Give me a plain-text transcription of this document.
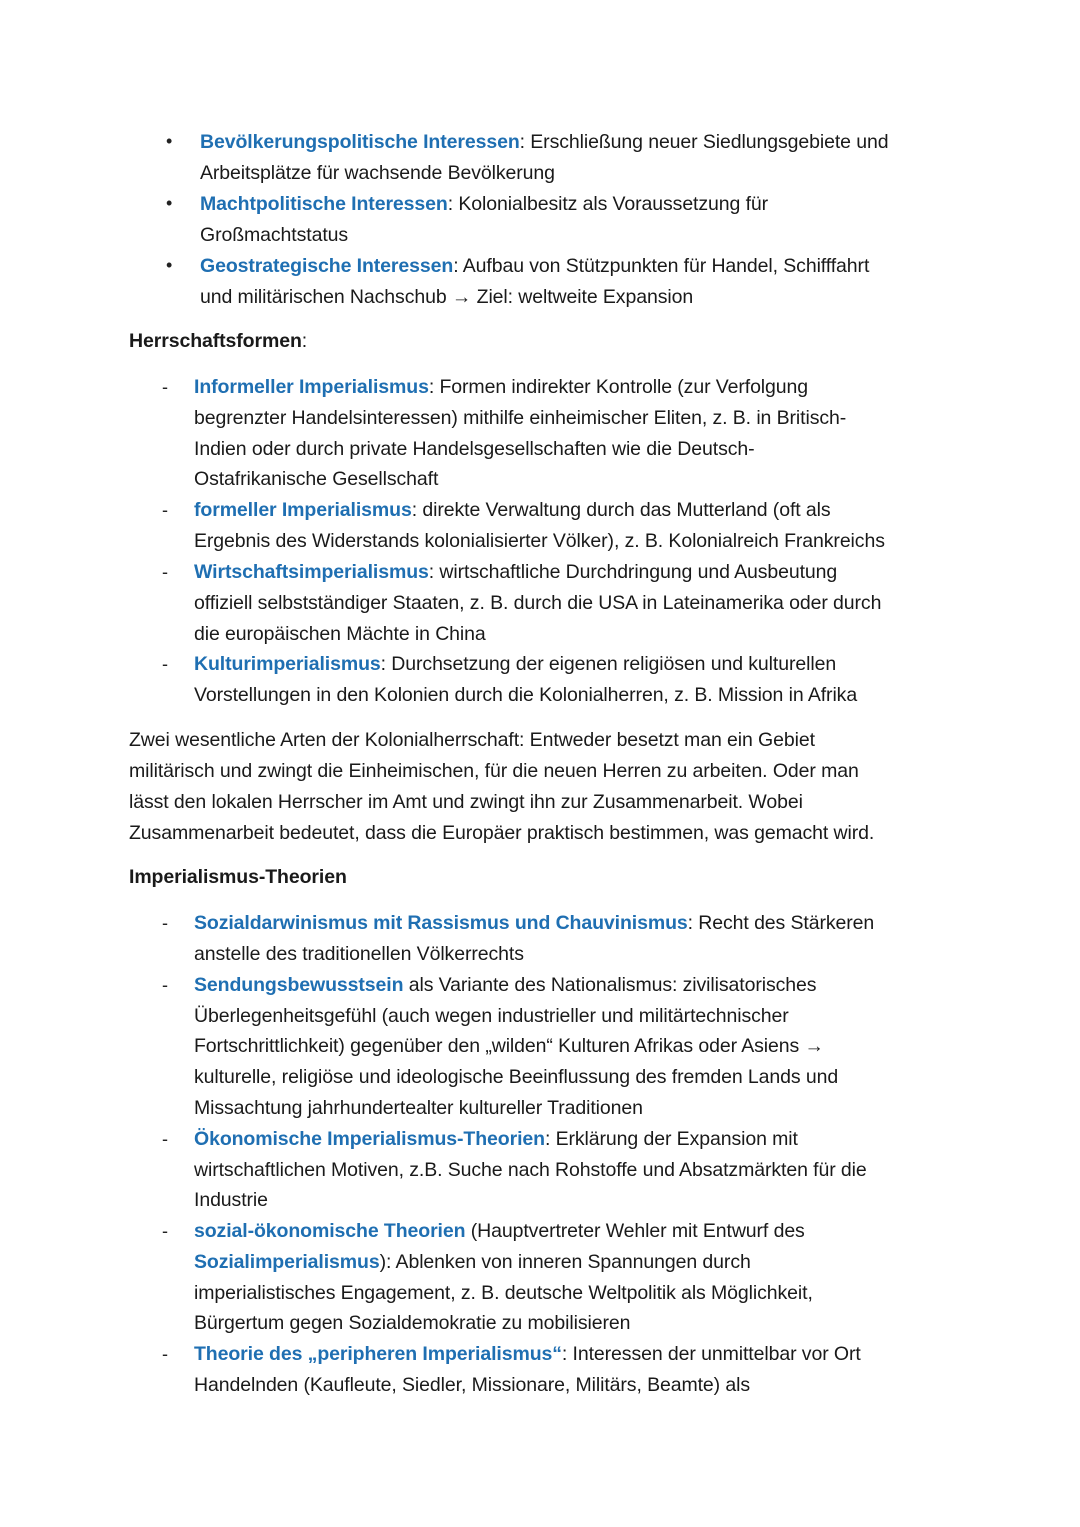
• Bevölkerungspolitische Interessen: Erschließung neuer Siedlungsgebiete und
Arbeitsplätze für wachsende Bevölkerung
• Machtpolitische Interessen: Kolonialbesitz als Voraussetzung für
Großmachtstatus
• Geostrategische Interessen: Aufbau von Stützpunkten für Handel, Schifffahrt
und militärischen Nachschub → Ziel: weltweite Expansion
Herrschaftsformen:
- Informeller Imperialismus: Formen indirekter Kontrolle (zur Verfolgung
begrenzter Handelsinteressen) mithilfe einheimischer Eliten, z. B. in Britisch-
Indien oder durch private Handelsgesellschaften wie die Deutsch-
Ostafrikanische Gesellschaft
- formeller Imperialismus: direkte Verwaltung durch das Mutterland (oft als
Ergebnis des Widerstands kolonialisierter Völker), z. B. Kolonialreich Frankreichs
- Wirtschaftsimperialismus: wirtschaftliche Durchdringung und Ausbeutung
offiziell selbstständiger Staaten, z. B. durch die USA in Lateinamerika oder durch
die europäischen Mächte in China
- Kulturimperialismus: Durchsetzung der eigenen religiösen und kulturellen
Vorstellungen in den Kolonien durch die Kolonialherren, z. B. Mission in Afrika
Zwei wesentliche Arten der Kolonialherrschaft: Entweder besetzt man ein Gebiet
militärisch und zwingt die Einheimischen, für die neuen Herren zu arbeiten. Oder man
lässt den lokalen Herrscher im Amt und zwingt ihn zur Zusammenarbeit. Wobei
Zusammenarbeit bedeutet, dass die Europäer praktisch bestimmen, was gemacht wird.
Imperialismus-Theorien
- Sozialdarwinismus mit Rassismus und Chauvinismus: Recht des Stärkeren
anstelle des traditionellen Völkerrechts
- Sendungsbewusstsein als Variante des Nationalismus: zivilisatorisches
Überlegenheitsgefühl (auch wegen industrieller und militärtechnischer
Fortschrittlichkeit) gegenüber den „wilden“ Kulturen Afrikas oder Asiens →
kulturelle, religiöse und ideologische Beeinflussung des fremden Lands und
Missachtung jahrhundertealter kultureller Traditionen
- Ökonomische Imperialismus-Theorien: Erklärung der Expansion mit
wirtschaftlichen Motiven, z.B. Suche nach Rohstoffe und Absatzmärkten für die
Industrie
- sozial-ökonomische Theorien (Hauptvertreter Wehler mit Entwurf des
Sozialimperialismus): Ablenken von inneren Spannungen durch
imperialistisches Engagement, z. B. deutsche Weltpolitik als Möglichkeit,
Bürgertum gegen Sozialdemokratie zu mobilisieren
- Theorie des „peripheren Imperialismus“: Interessen der unmittelbar vor Ort
Handelnden (Kaufleute, Siedler, Missionare, Militärs, Beamte) als
